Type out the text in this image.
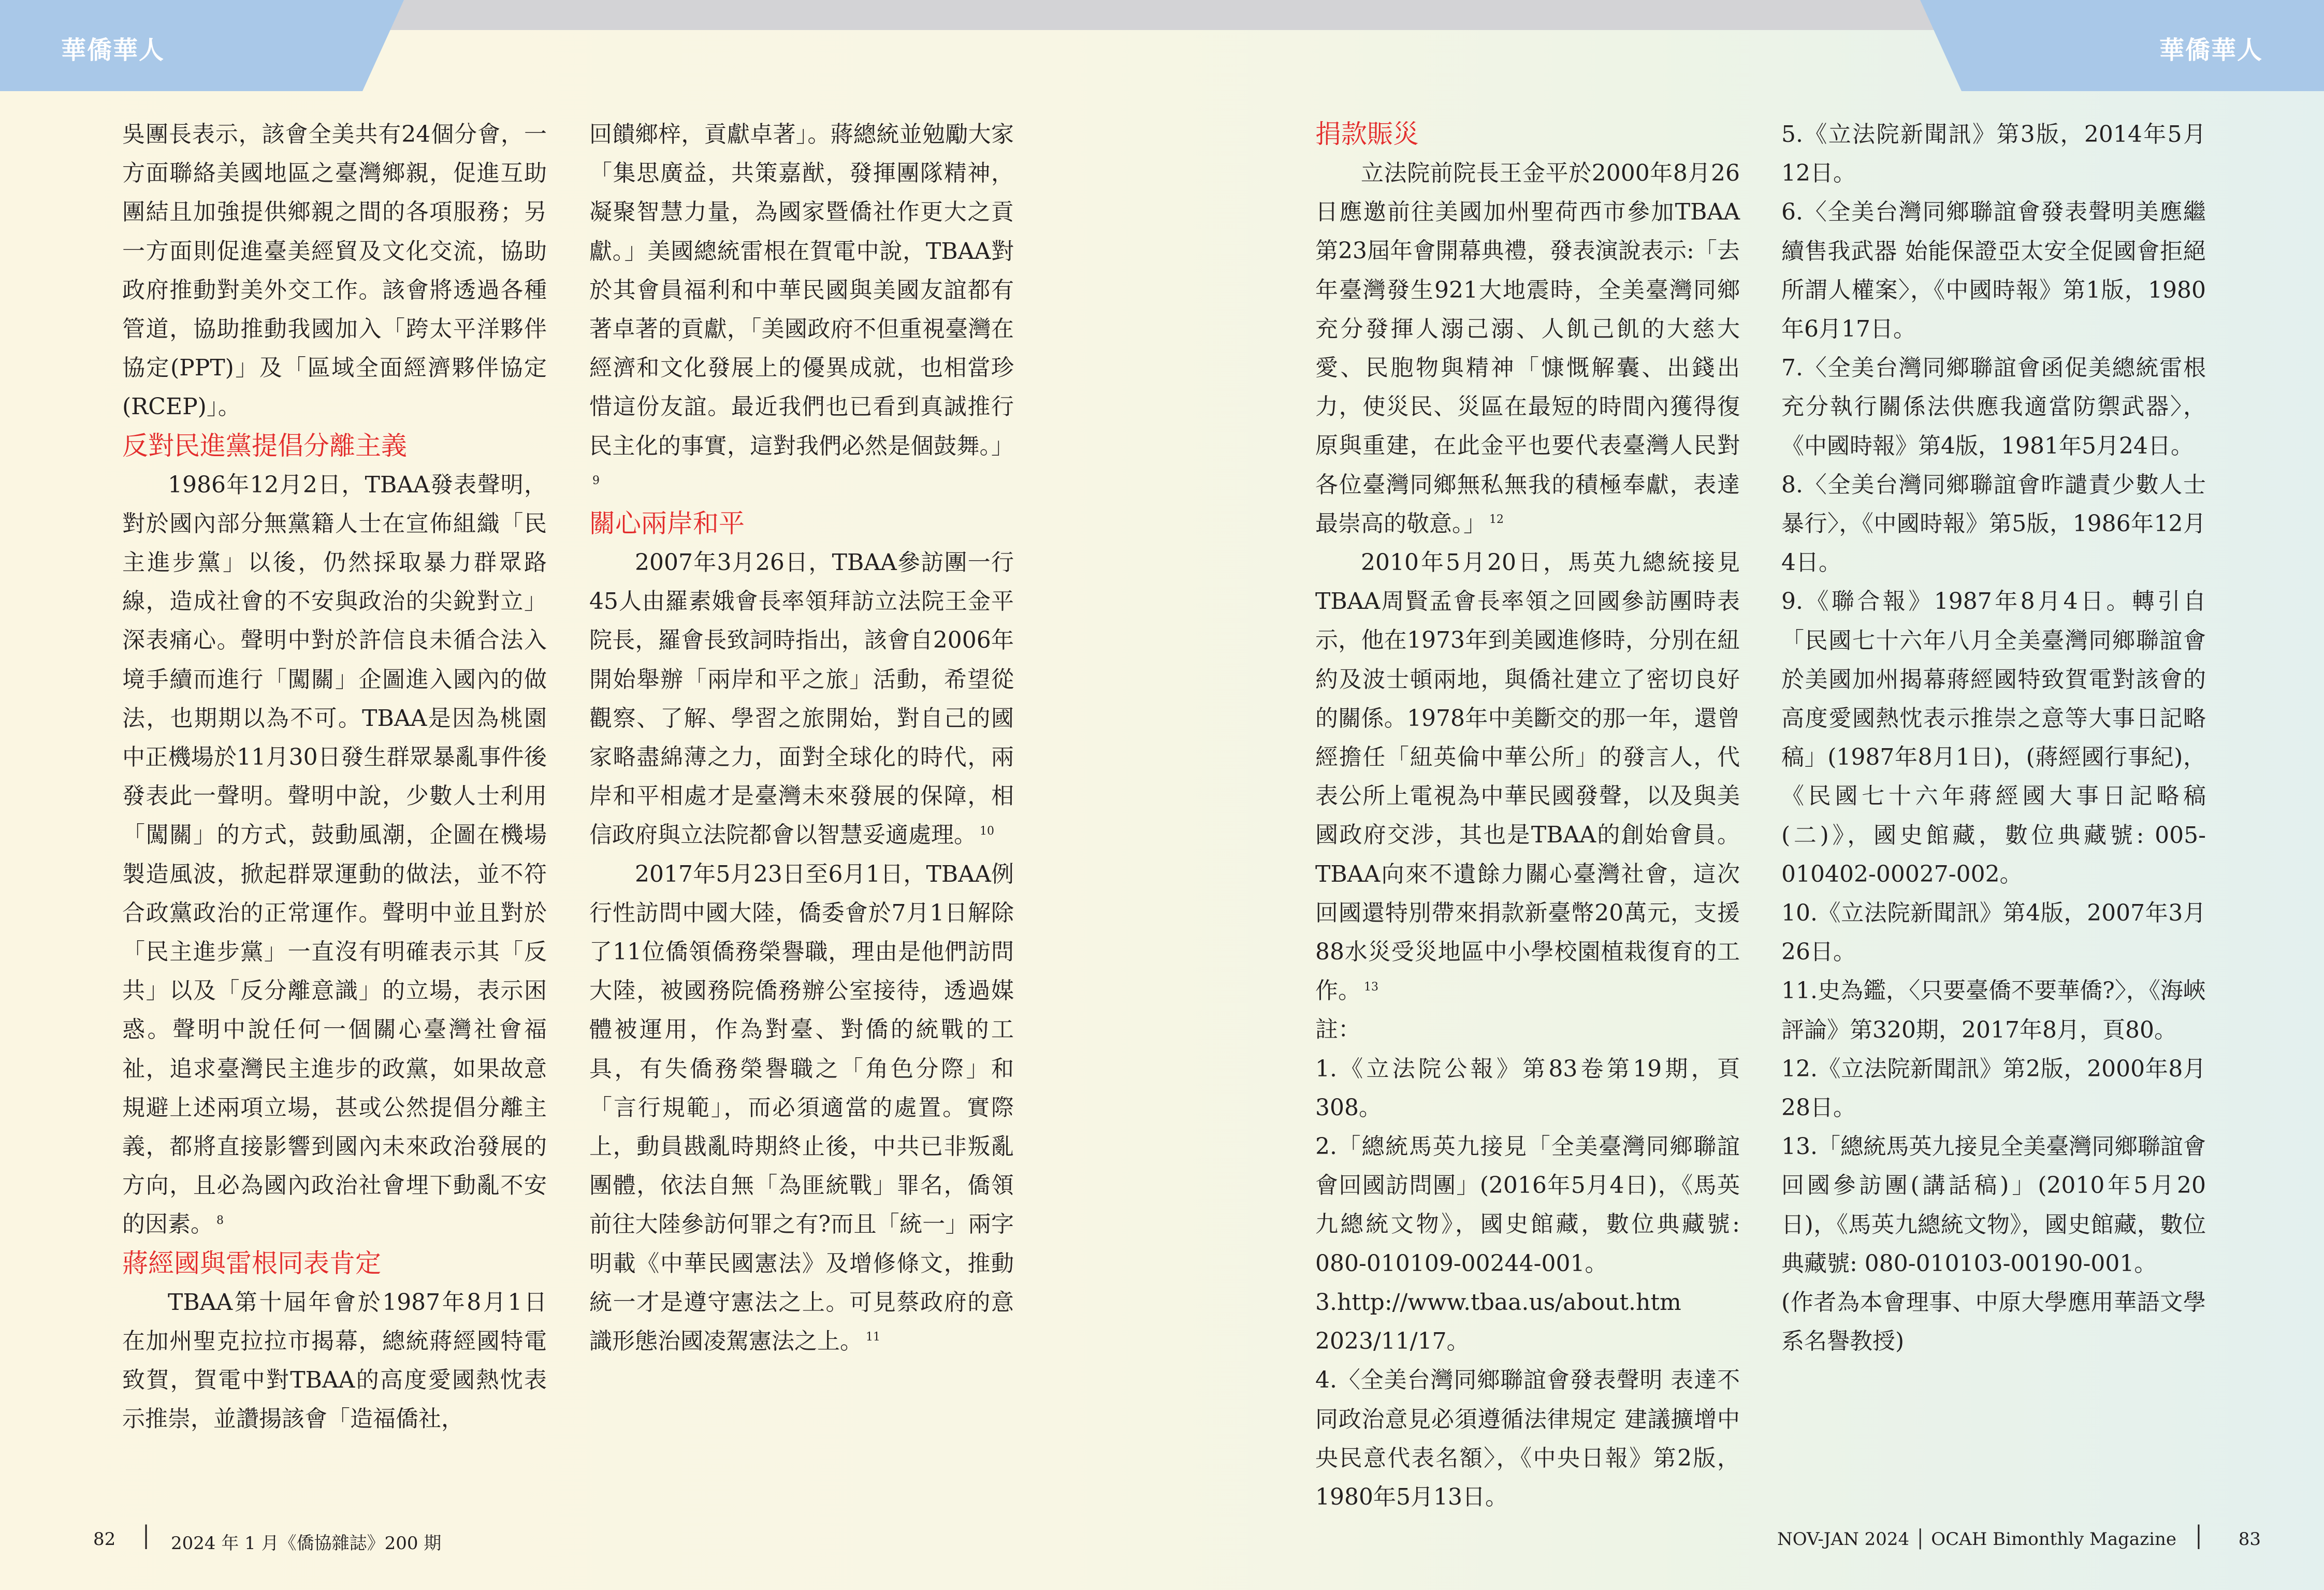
華僑華人	華僑華人

吳團長表示，該會全美共有24個分會，一方面聯絡美國地區之臺灣鄉親，促進互助團結且加強提供鄉親之間的各項服務；另一方面則促進臺美經貿及文化交流，協助政府推動對美外交工作。該會將透過各種管道，協助推動我國加入「跨太平洋夥伴協定(PPT)」及「區域全面經濟夥伴協定(RCEP)」。

反對民進黨提倡分離主義

1986年12月2日，TBAA發表聲明，對於國內部分無黨籍人士在宣佈組織「民主進步黨」以後，仍然採取暴力群眾路線，造成社會的不安與政治的尖銳對立」深表痛心。聲明中對於許信良未循合法入境手續而進行「闖關」企圖進入國內的做法，也期期以為不可。TBAA是因為桃園中正機場於11月30日發生群眾暴亂事件後發表此一聲明。聲明中說，少數人士利用「闖關」的方式，鼓動風潮，企圖在機場製造風波，掀起群眾運動的做法，並不符合政黨政治的正常運作。聲明中並且對於「民主進步黨」一直沒有明確表示其「反共」以及「反分離意識」的立場，表示困惑。聲明中說任何一個關心臺灣社會福祉，追求臺灣民主進步的政黨，如果故意規避上述兩項立場，甚或公然提倡分離主義，都將直接影響到國內未來政治發展的方向，且必為國內政治社會埋下動亂不安的因素。 $^8$

蔣經國與雷根同表肯定

TBAA第十屆年會於1987年8月1日在加州聖克拉拉市揭幕，總統蔣經國特電致賀，賀電中對TBAA的高度愛國熱忱表示推崇，並讚揚該會「造福僑社，

回饋鄉梓，貢獻卓著」。蔣總統並勉勵大家「集思廣益，共策嘉猷，發揮團隊精神，凝聚智慧力量，為國家暨僑社作更大之貢獻。」美國總統雷根在賀電中說，TBAA對於其會員福利和中華民國與美國友誼都有著卓著的貢獻，「美國政府不但重視臺灣在經濟和文化發展上的優異成就，也相當珍惜這份友誼。最近我們也已看到真誠推行民主化的事實，這對我們必然是個鼓舞。」$^9$

關心兩岸和平

2007年3月26日，TBAA參訪團一行45人由羅素娥會長率領拜訪立法院王金平院長，羅會長致詞時指出，該會自2006年開始舉辦「兩岸和平之旅」活動，希望從觀察、了解、學習之旅開始，對自己的國家略盡綿薄之力，面對全球化的時代，兩岸和平相處才是臺灣未來發展的保障，相信政府與立法院都會以智慧妥適處理。 $^{10}$

2017年5月23日至6月1日，TBAA例行性訪問中國大陸，僑委會於7月1日解除了11位僑領僑務榮譽職，理由是他們訪問大陸，被國務院僑務辦公室接待，透過媒體被運用，作為對臺、對僑的統戰的工具，有失僑務榮譽職之「角色分際」和「言行規範」，而必須適當的處置。實際上，動員戡亂時期終止後，中共已非叛亂團體，依法自無「為匪統戰」罪名，僑領前往大陸參訪何罪之有?而且「統一」兩字明載《中華民國憲法》及增修條文，推動統一才是遵守憲法之上。可見蔡政府的意識形態治國凌駕憲法之上。 $^{11}$

捐款賑災

立法院前院長王金平於2000年8月26日應邀前往美國加州聖荷西市參加TBAA第23屆年會開幕典禮，發表演說表示:「去年臺灣發生921大地震時，全美臺灣同鄉充分發揮人溺己溺、人飢己飢的大慈大愛、民胞物與精神「慷慨解囊、出錢出力，使災民、災區在最短的時間內獲得復原與重建，在此金平也要代表臺灣人民對各位臺灣同鄉無私無我的積極奉獻，表達最崇高的敬意。」 $^{12}$

2010年5月20日，馬英九總統接見TBAA周賢孟會長率領之回國參訪團時表示，他在1973年到美國進修時，分別在紐約及波士頓兩地，與僑社建立了密切良好的關係。1978年中美斷交的那一年，還曾經擔任「紐英倫中華公所」的發言人，代表公所上電視為中華民國發聲，以及與美國政府交涉，其也是TBAA的創始會員。TBAA向來不遺餘力關心臺灣社會，這次回國還特別帶來捐款新臺幣20萬元，支援88水災受災地區中小學校園植栽復育的工作。 $^{13}$

註：

1.《立法院公報》第83卷第19期，頁308。

2.「總統馬英九接見「全美臺灣同鄉聯誼會回國訪問團」(2016年5月4日)，《馬英九總統文物》，國史館藏，數位典藏號: 080-010109-00244-001。

3.http://www.tbaa.us/about.htm 2023/11/17。

4.〈全美台灣同鄉聯誼會發表聲明 表達不同政治意見必須遵循法律規定 建議擴增中央民意代表名額〉，《中央日報》第2版，1980年5月13日。

5.《立法院新聞訊》第3版，2014年5月12日。

6.〈全美台灣同鄉聯誼會發表聲明美應繼續售我武器 始能保證亞太安全促國會拒絕所謂人權案〉，《中國時報》第1版，1980年6月17日。

7.〈全美台灣同鄉聯誼會函促美總統雷根 充分執行關係法供應我適當防禦武器〉，《中國時報》第4版，1981年5月24日。

8.〈全美台灣同鄉聯誼會昨譴責少數人士暴行〉，《中國時報》第5版，1986年12月4日。

9.《聯合報》1987年8月4日。轉引自「民國七十六年八月全美臺灣同鄉聯誼會於美國加州揭幕蔣經國特致賀電對該會的高度愛國熱忱表示推崇之意等大事日記略稿」(1987年8月1日)，(蔣經國行事紀)，《民國七十六年蔣經國大事日記略稿(二)》，國史館藏，數位典藏號: 005-010402-00027-002。

10.《立法院新聞訊》第4版，2007年3月26日。

11.史為鑑，〈只要臺僑不要華僑?〉，《海峽評論》第320期，2017年8月，頁80。

12.《立法院新聞訊》第2版，2000年8月28日。

13.「總統馬英九接見全美臺灣同鄉聯誼會回國參訪團(講話稿)」(2010年5月20日)，《馬英九總統文物》，國史館藏，數位典藏號: 080-010103-00190-001。

(作者為本會理事、中原大學應用華語文學系名譽教授)

82 │ 2024 年 1 月《僑協雜誌》200 期	NOV-JAN 2024 │ OCAH Bimonthly Magazine │ 83
